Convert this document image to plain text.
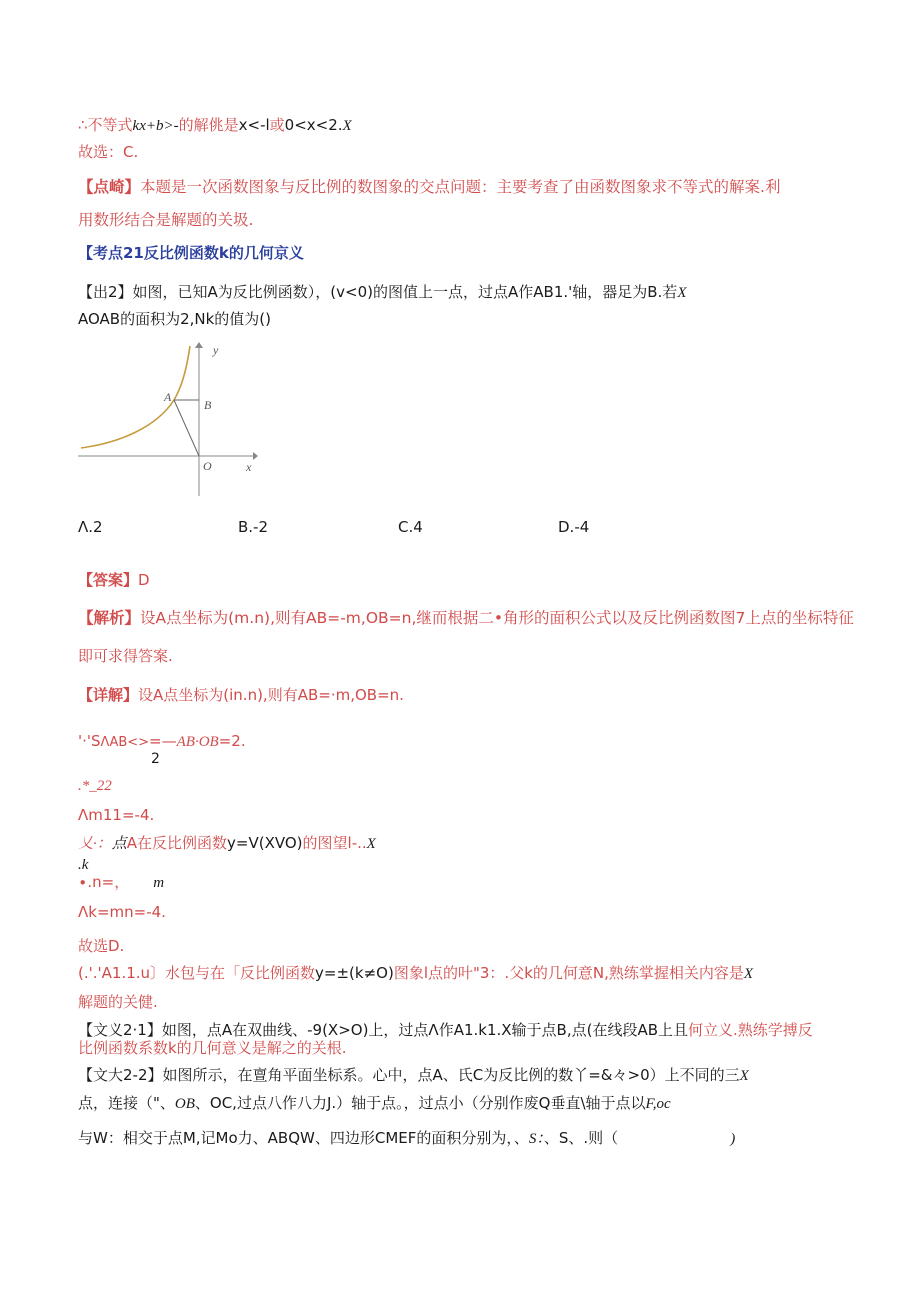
∴不等式kx+b>-的解佻是x<-l或0<x<2.X
故选：C.
【点崎】本题是一次函数图象与反比例的数图象的交点问题：主要考查了由函数图象求不等式的解案.利
用数形结合是解题的关圾.
【考点21反比例函数k的几何京义
【出2】如图，已知A为反比例函数），(v<0)的图值上一点，过点A作AB1.'轴，器足为B.若X
AOAB的面积为2,Nk的值为()
y
x
A
B
O
Λ.2	B.-2	C.4	D.-4
【答案】D
【解析】设A点坐标为(m.n),则有AB=-m,OB=n,继而根据二•角形的面积公式以及反比例函数图7上点的坐标特征
即可求得答案.
【详解】设A点坐标为(in.n),则有AB=·m,OB=n.
'·'SΛAB<>=—AB·OB=2.
2
.*_22
Λm11=-4.
乂·：点A在反比例函数y=V(XVO)的图望l-..X
.k
∙.n=， m
Λk=mn=-4.
故选D.
(.'.'A1.1.u〕水包与在「反比例函数y=±(k≠O)图象l点的叶"3：.父k的几何意N,熟练掌握相关内容是X
解题的关健.
【文义2·1】如图，点A在双曲线、-9(X>O)上，过点Λ作A1.k1.X输于点B,点(在线段AB上且何立义.熟练学搏反
比例函数系数k的几何意义是解之的关根.
【文大2-2】如图所示，在亶角平面坐标系。心中，点A、氏C为反比例的数丫=&々>0）上不同的三X
点，连接（"、OB、OC,过点八作八力J.）轴于点。，过点小（分别作废Q垂直\轴于点以F,oc
与W：相交于点M,记Mo力、ABQW、四边形CMEF的面积分别为，、S：、S、.则（	)
